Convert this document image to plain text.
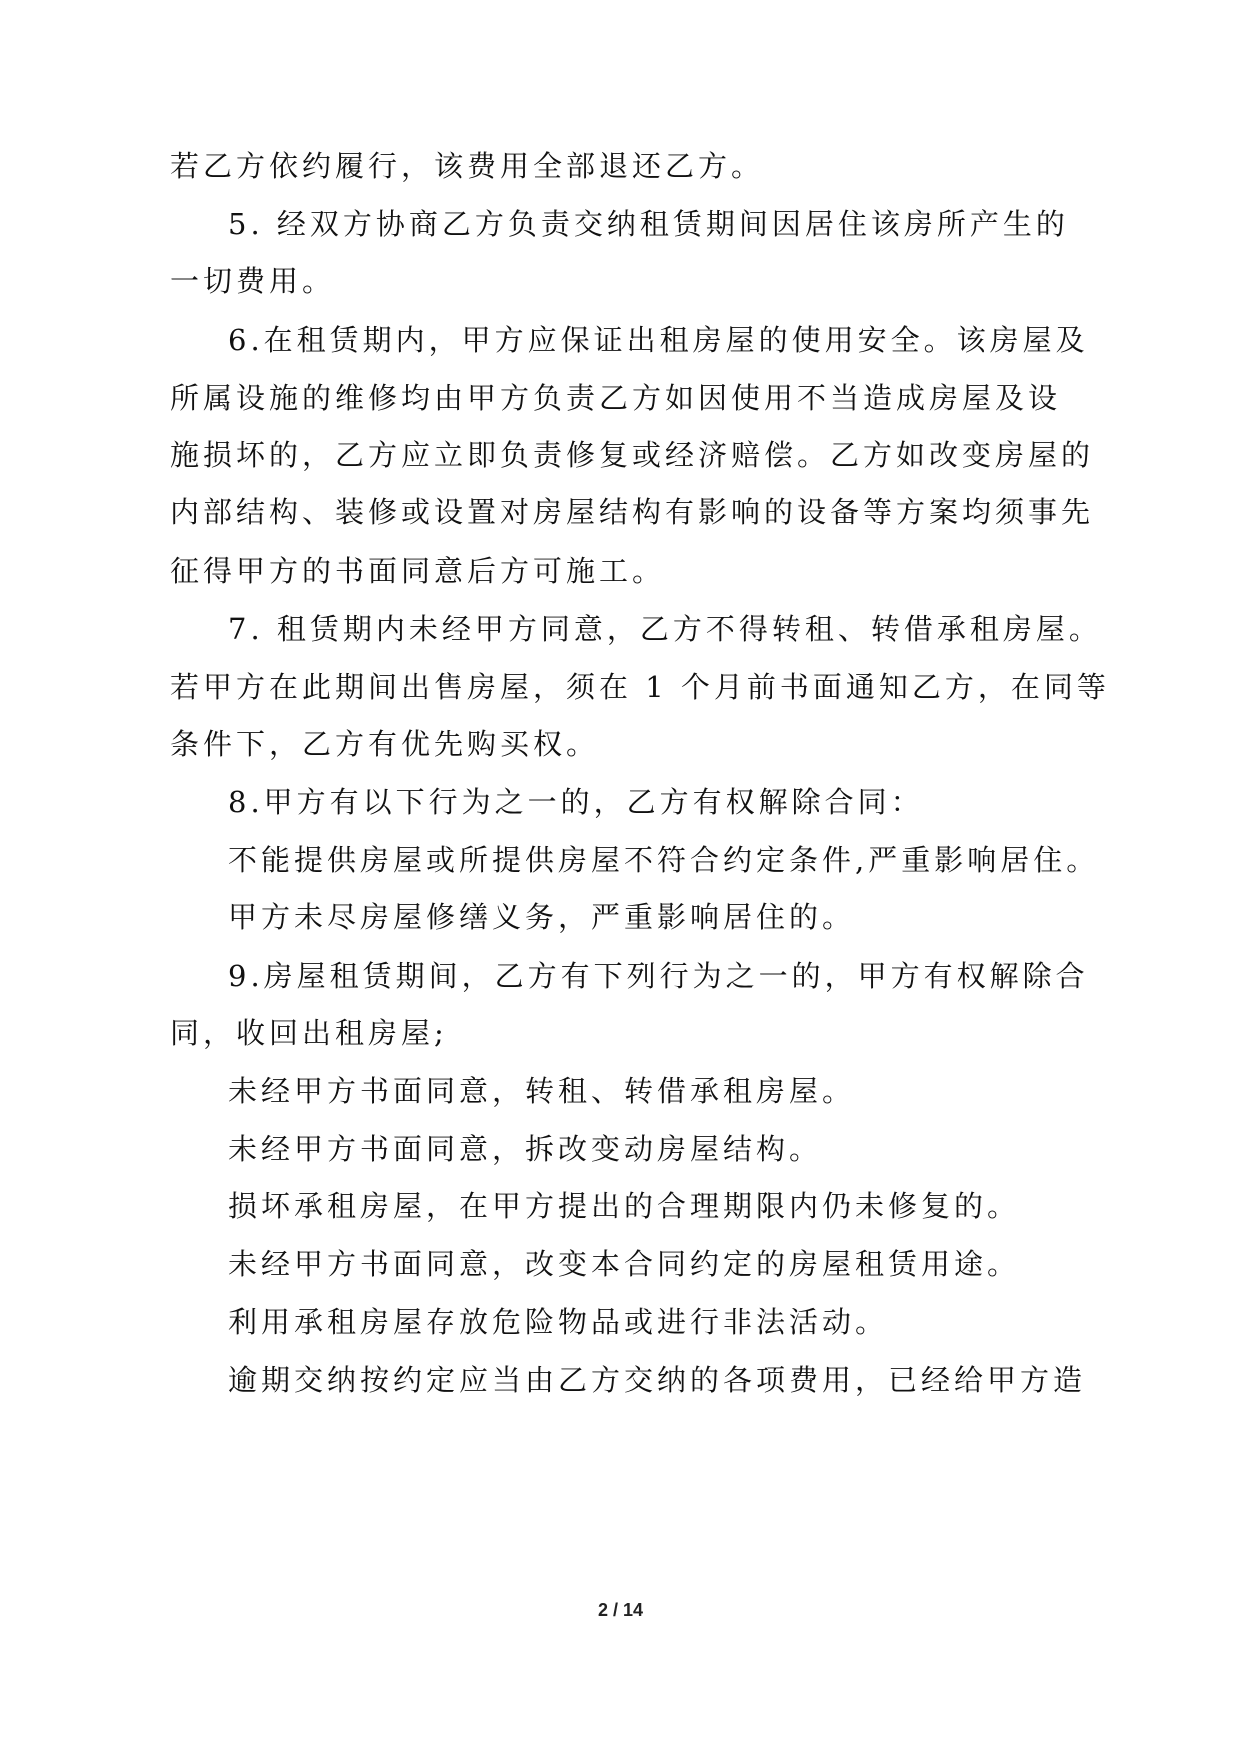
若乙方依约履行，该费用全部退还乙方。
5. 经双方协商乙方负责交纳租赁期间因居住该房所产生的
一切费用。
6.在租赁期内，甲方应保证出租房屋的使用安全。该房屋及
所属设施的维修均由甲方负责乙方如因使用不当造成房屋及设
施损坏的，乙方应立即负责修复或经济赔偿。乙方如改变房屋的
内部结构、装修或设置对房屋结构有影响的设备等方案均须事先
征得甲方的书面同意后方可施工。
7. 租赁期内未经甲方同意，乙方不得转租、转借承租房屋。
若甲方在此期间出售房屋，须在 1 个月前书面通知乙方，在同等
条件下，乙方有优先购买权。
8.甲方有以下行为之一的，乙方有权解除合同：
不能提供房屋或所提供房屋不符合约定条件,严重影响居住。
甲方未尽房屋修缮义务，严重影响居住的。
9.房屋租赁期间，乙方有下列行为之一的，甲方有权解除合
同，收回出租房屋;
未经甲方书面同意，转租、转借承租房屋。
未经甲方书面同意，拆改变动房屋结构。
损坏承租房屋，在甲方提出的合理期限内仍未修复的。
未经甲方书面同意，改变本合同约定的房屋租赁用途。
利用承租房屋存放危险物品或进行非法活动。
逾期交纳按约定应当由乙方交纳的各项费用，已经给甲方造
2 / 14
